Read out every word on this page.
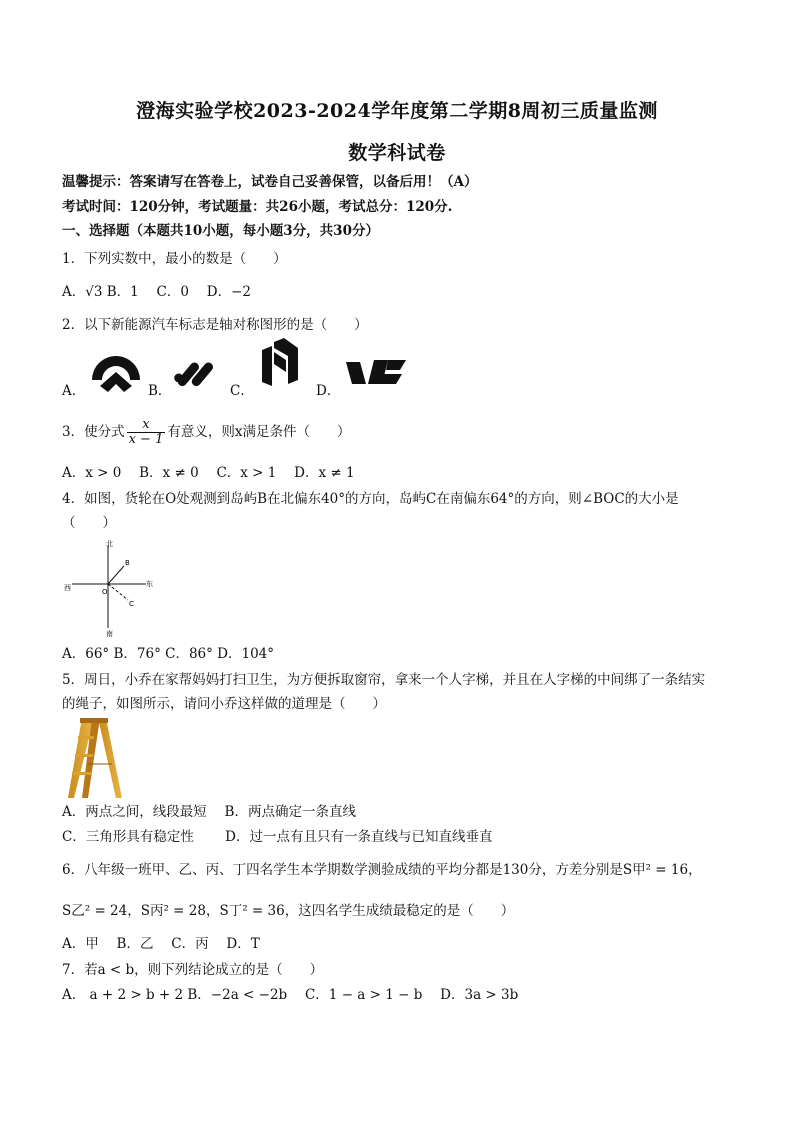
澄海实验学校2023-2024学年度第二学期8周初三质量监测
数学科试卷
温馨提示：答案请写在答卷上，试卷自己妥善保管，以备后用！（A）
考试时间：120分钟，考试题量：共26小题，考试总分：120分.
一、选择题（本题共10小题，每小题3分，共30分）
1．下列实数中，最小的数是（　　）
A．√3 B．1　 C．0　 D．−2
2．以下新能源汽车标志是轴对称图形的是（　　）
A．	B．	C．	D．
3．使分式 $\frac{x}{x - 1}$ 有意义，则x满足条件（　　）
A．x > 0　 B．x ≠ 0　 C．x > 1　 D．x ≠ 1
4．如图，货轮在O处观测到岛屿B在北偏东40°的方向，岛屿C在南偏东64°的方向，则∠BOC的大小是
（　　）
北
南
东
西
B
O
C
A．66° B．76° C．86° D．104°
5．周日，小乔在家帮妈妈打扫卫生，为方便拆取窗帘，拿来一个人字梯，并且在人字梯的中间绑了一条结实
的绳子，如图所示，请问小乔这样做的道理是（　　）
A．两点之间，线段最短　 B．两点确定一条直线
C．三角形具有稳定性　　 D．过一点有且只有一条直线与已知直线垂直
6．八年级一班甲、乙、丙、丁四名学生本学期数学测验成绩的平均分都是130分，方差分别是S甲² = 16，
S乙² = 24，S丙² = 28，S丁² = 36，这四名学生成绩最稳定的是（　　）
A．甲　 B．乙　 C．丙　 D．T
7．若a < b，则下列结论成立的是（　　）
A． a + 2 > b + 2 B．−2a < −2b　 C．1 − a > 1 − b　 D．3a > 3b
